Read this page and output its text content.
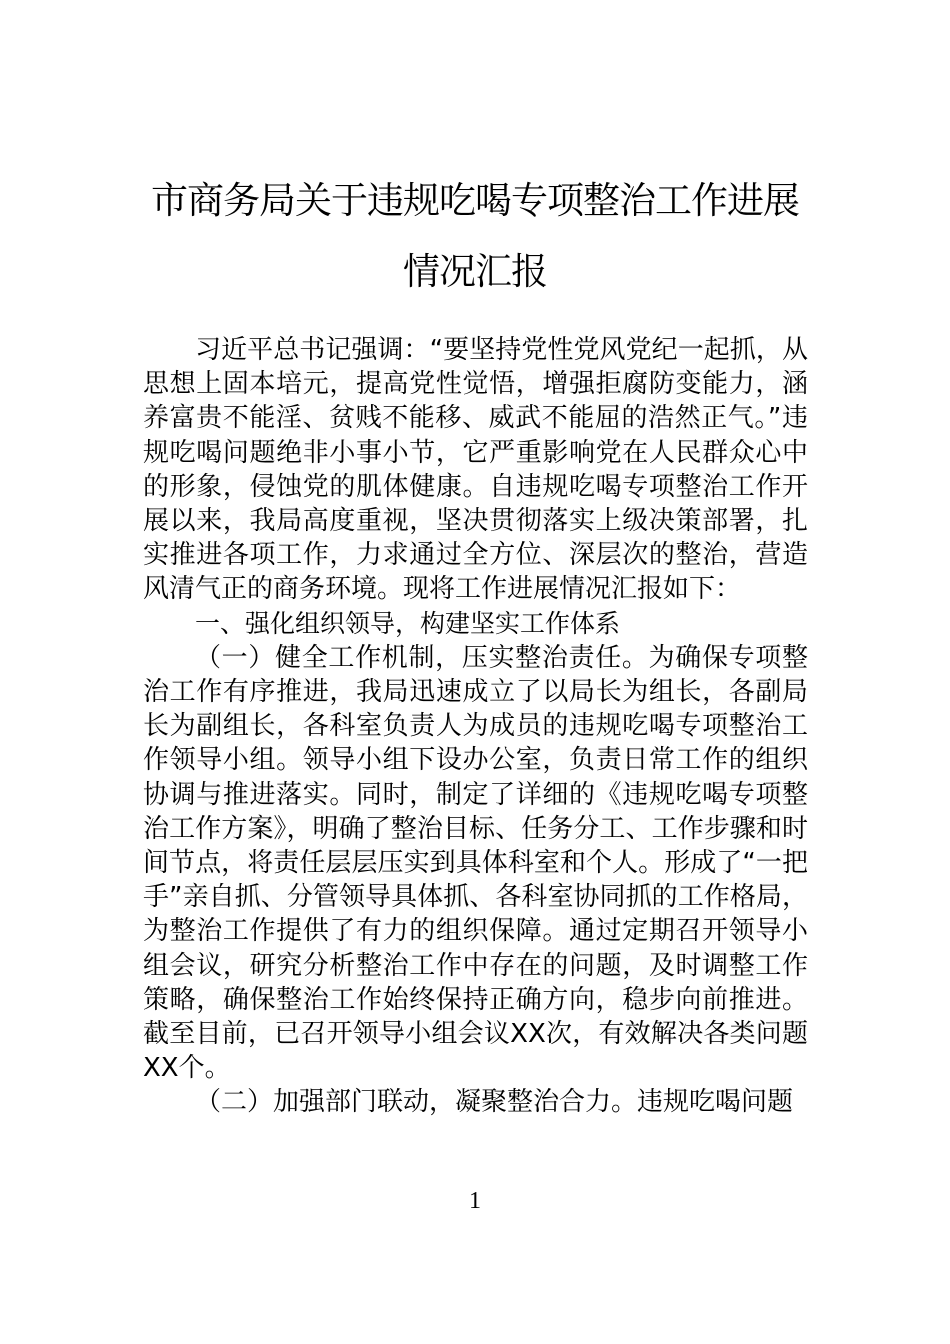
市商务局关于违规吃喝专项整治工作进展
情况汇报

习近平总书记强调：“要坚持党性党风党纪一起抓，从思想上固本培元，提高党性觉悟，增强拒腐防变能力，涵养富贵不能淫、贫贱不能移、威武不能屈的浩然正气。”违规吃喝问题绝非小事小节，它严重影响党在人民群众心中的形象，侵蚀党的肌体健康。自违规吃喝专项整治工作开展以来，我局高度重视，坚决贯彻落实上级决策部署，扎实推进各项工作，力求通过全方位、深层次的整治，营造风清气正的商务环境。现将工作进展情况汇报如下：

一、强化组织领导，构建坚实工作体系

（一）健全工作机制，压实整治责任。为确保专项整治工作有序推进，我局迅速成立了以局长为组长，各副局长为副组长，各科室负责人为成员的违规吃喝专项整治工作领导小组。领导小组下设办公室，负责日常工作的组织协调与推进落实。同时，制定了详细的《违规吃喝专项整治工作方案》，明确了整治目标、任务分工、工作步骤和时间节点，将责任层层压实到具体科室和个人。形成了“一把手”亲自抓、分管领导具体抓、各科室协同抓的工作格局，为整治工作提供了有力的组织保障。通过定期召开领导小组会议，研究分析整治工作中存在的问题，及时调整工作策略，确保整治工作始终保持正确方向，稳步向前推进。截至目前，已召开领导小组会议XX次，有效解决各类问题XX个。

（二）加强部门联动，凝聚整治合力。违规吃喝问题

1
